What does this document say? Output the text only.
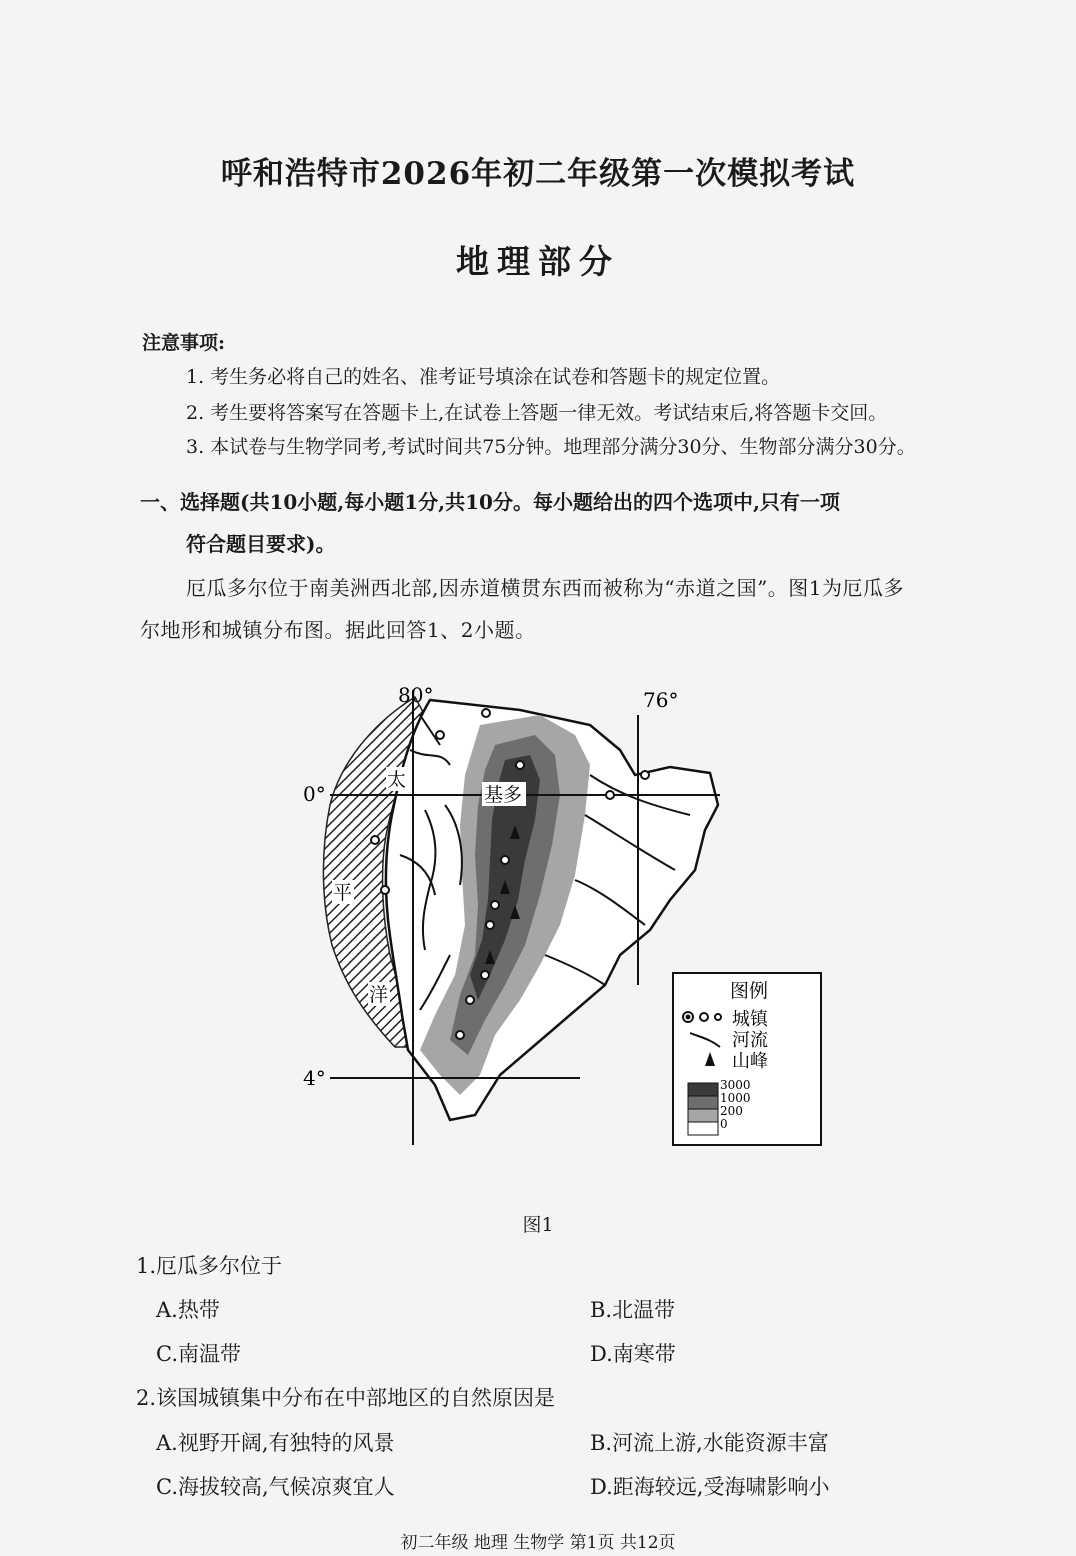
呼和浩特市2026年初二年级第一次模拟考试
地理部分
注意事项:
1. 考生务必将自己的姓名、准考证号填涂在试卷和答题卡的规定位置。
2. 考生要将答案写在答题卡上,在试卷上答题一律无效。考试结束后,将答题卡交回。
3. 本试卷与生物学同考,考试时间共75分钟。地理部分满分30分、生物部分满分30分。
一、选择题(共10小题,每小题1分,共10分。每小题给出的四个选项中,只有一项
符合题目要求)。
厄瓜多尔位于南美洲西北部,因赤道横贯东西而被称为“赤道之国”。图1为厄瓜多
尔地形和城镇分布图。据此回答1、2小题。
80°	76°
0°
4°
太
平
洋
基多
图例
城镇
河流
山峰
3000
1000
200
0
图1
1.厄瓜多尔位于
A.热带	B.北温带
C.南温带	D.南寒带
2.该国城镇集中分布在中部地区的自然原因是
A.视野开阔,有独特的风景	B.河流上游,水能资源丰富
C.海拔较高,气候凉爽宜人	D.距海较远,受海啸影响小
初二年级 地理 生物学 第1页 共12页
